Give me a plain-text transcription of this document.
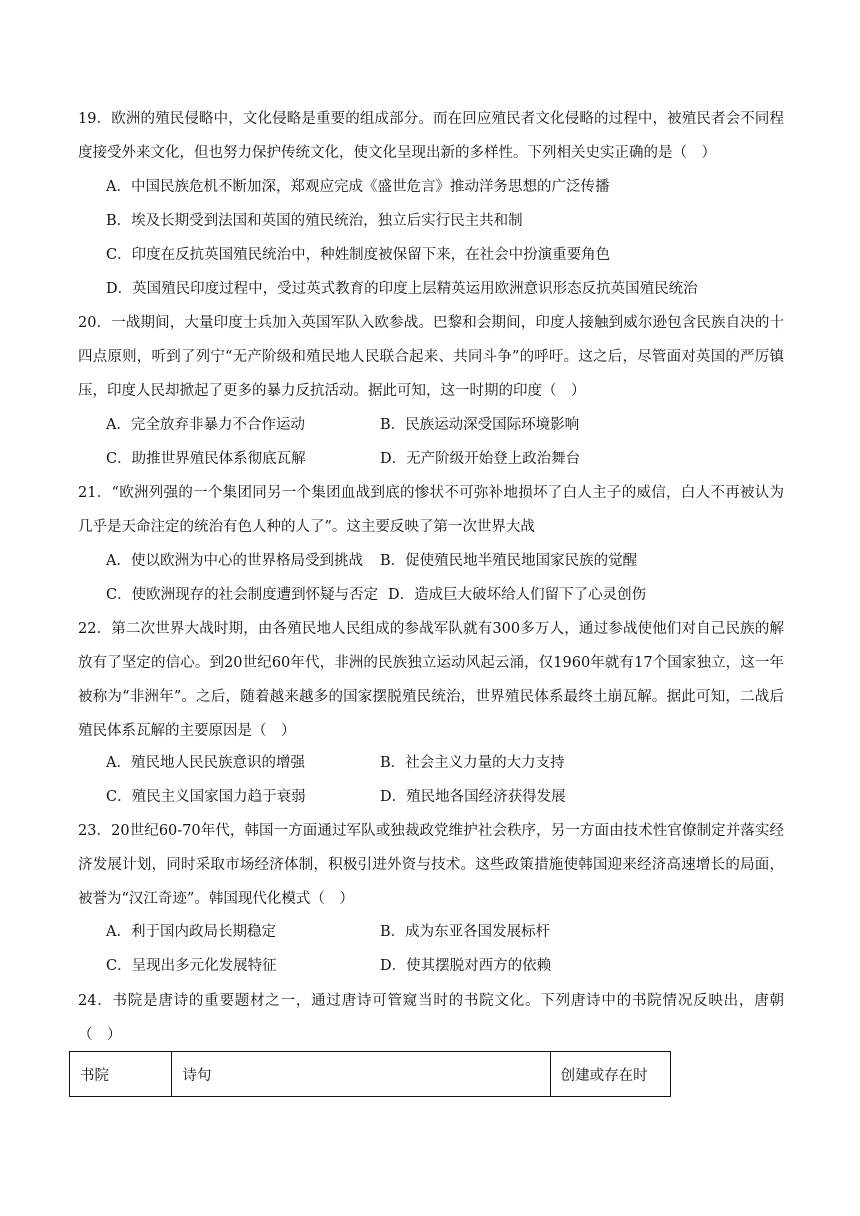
19．欧洲的殖民侵略中，文化侵略是重要的组成部分。而在回应殖民者文化侵略的过程中，被殖民者会不同程度接受外来文化，但也努力保护传统文化，使文化呈现出新的多样性。下列相关史实正确的是（　）
A．中国民族危机不断加深，郑观应完成《盛世危言》推动洋务思想的广泛传播
B．埃及长期受到法国和英国的殖民统治，独立后实行民主共和制
C．印度在反抗英国殖民统治中，种姓制度被保留下来，在社会中扮演重要角色
D．英国殖民印度过程中，受过英式教育的印度上层精英运用欧洲意识形态反抗英国殖民统治
20．一战期间，大量印度士兵加入英国军队入欧参战。巴黎和会期间，印度人接触到威尔逊包含民族自决的十四点原则，听到了列宁“无产阶级和殖民地人民联合起来、共同斗争”的呼吁。这之后，尽管面对英国的严厉镇压，印度人民却掀起了更多的暴力反抗活动。据此可知，这一时期的印度（　）
A．完全放弃非暴力不合作运动	B．民族运动深受国际环境影响
C．助推世界殖民体系彻底瓦解	D．无产阶级开始登上政治舞台
21．“欧洲列强的一个集团同另一个集团血战到底的惨状不可弥补地损坏了白人主子的威信，白人不再被认为几乎是天命注定的统治有色人种的人了”。这主要反映了第一次世界大战
A．使以欧洲为中心的世界格局受到挑战	B．促使殖民地半殖民地国家民族的觉醒
C．使欧洲现存的社会制度遭到怀疑与否定 D．造成巨大破坏给人们留下了心灵创伤
22．第二次世界大战时期，由各殖民地人民组成的参战军队就有300多万人，通过参战使他们对自己民族的解放有了坚定的信心。到20世纪60年代，非洲的民族独立运动风起云涌，仅1960年就有17个国家独立，这一年被称为“非洲年”。之后，随着越来越多的国家摆脱殖民统治，世界殖民体系最终土崩瓦解。据此可知，二战后殖民体系瓦解的主要原因是（　）
A．殖民地人民民族意识的增强	B．社会主义力量的大力支持
C．殖民主义国家国力趋于衰弱	D．殖民地各国经济获得发展
23．20世纪60-70年代，韩国一方面通过军队或独裁政党维护社会秩序，另一方面由技术性官僚制定并落实经济发展计划，同时采取市场经济体制，积极引进外资与技术。这些政策措施使韩国迎来经济高速增长的局面，被誉为“汉江奇迹”。韩国现代化模式（　）
A．利于国内政局长期稳定	B．成为东亚各国发展标杆
C．呈现出多元化发展特征	D．使其摆脱对西方的依赖
24．书院是唐诗的重要题材之一，通过唐诗可管窥当时的书院文化。下列唐诗中的书院情况反映出，唐朝（　）
书院	诗句	创建或存在时
